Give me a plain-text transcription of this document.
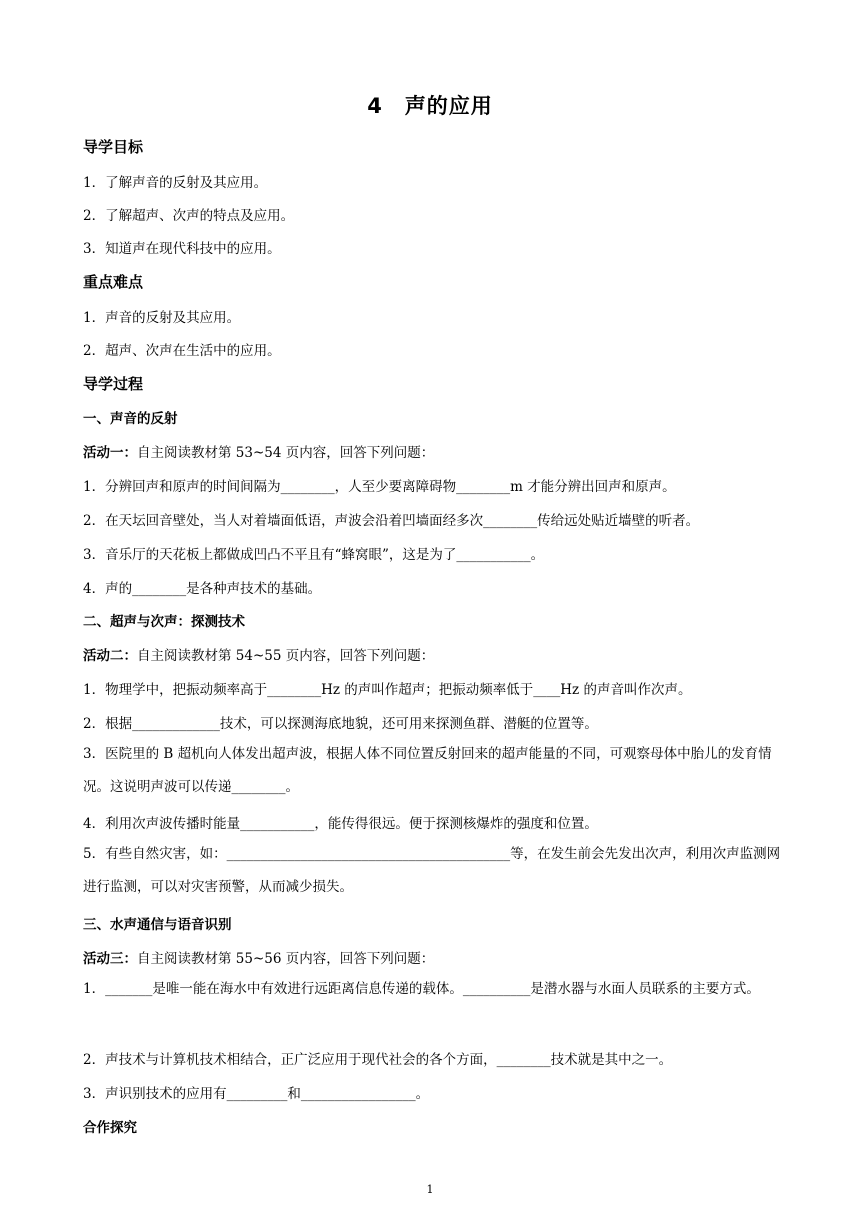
4　声的应用
导学目标
1．了解声音的反射及其应用。
2．了解超声、次声的特点及应用。
3．知道声在现代科技中的应用。
重点难点
1．声音的反射及其应用。
2．超声、次声在生活中的应用。
导学过程
一、声音的反射
活动一：自主阅读教材第 53~54 页内容，回答下列问题：
1．分辨回声和原声的时间间隔为________，人至少要离障碍物________m 才能分辨出回声和原声。
2．在天坛回音壁处，当人对着墙面低语，声波会沿着凹墙面经多次________传给远处贴近墙壁的听者。
3．音乐厅的天花板上都做成凹凸不平且有“蜂窝眼”，这是为了___________。
4．声的________是各种声技术的基础。
二、超声与次声：探测技术
活动二：自主阅读教材第 54~55 页内容，回答下列问题：
1．物理学中，把振动频率高于________Hz 的声叫作超声；把振动频率低于____Hz 的声音叫作次声。
2．根据_____________技术，可以探测海底地貌，还可用来探测鱼群、潜艇的位置等。
3．医院里的 B 超机向人体发出超声波，根据人体不同位置反射回来的超声能量的不同，可观察母体中胎儿的发育情况。这说明声波可以传递________。
4．利用次声波传播时能量___________，能传得很远。便于探测核爆炸的强度和位置。
5．有些自然灾害，如：__________________________________________等，在发生前会先发出次声，利用次声监测网进行监测，可以对灾害预警，从而减少损失。
三、水声通信与语音识别
活动三：自主阅读教材第 55~56 页内容，回答下列问题：
1．_______是唯一能在海水中有效进行远距离信息传递的载体。__________是潜水器与水面人员联系的主要方式。
2．声技术与计算机技术相结合，正广泛应用于现代社会的各个方面，________技术就是其中之一。
3．声识别技术的应用有_________和_________________。
合作探究
1
